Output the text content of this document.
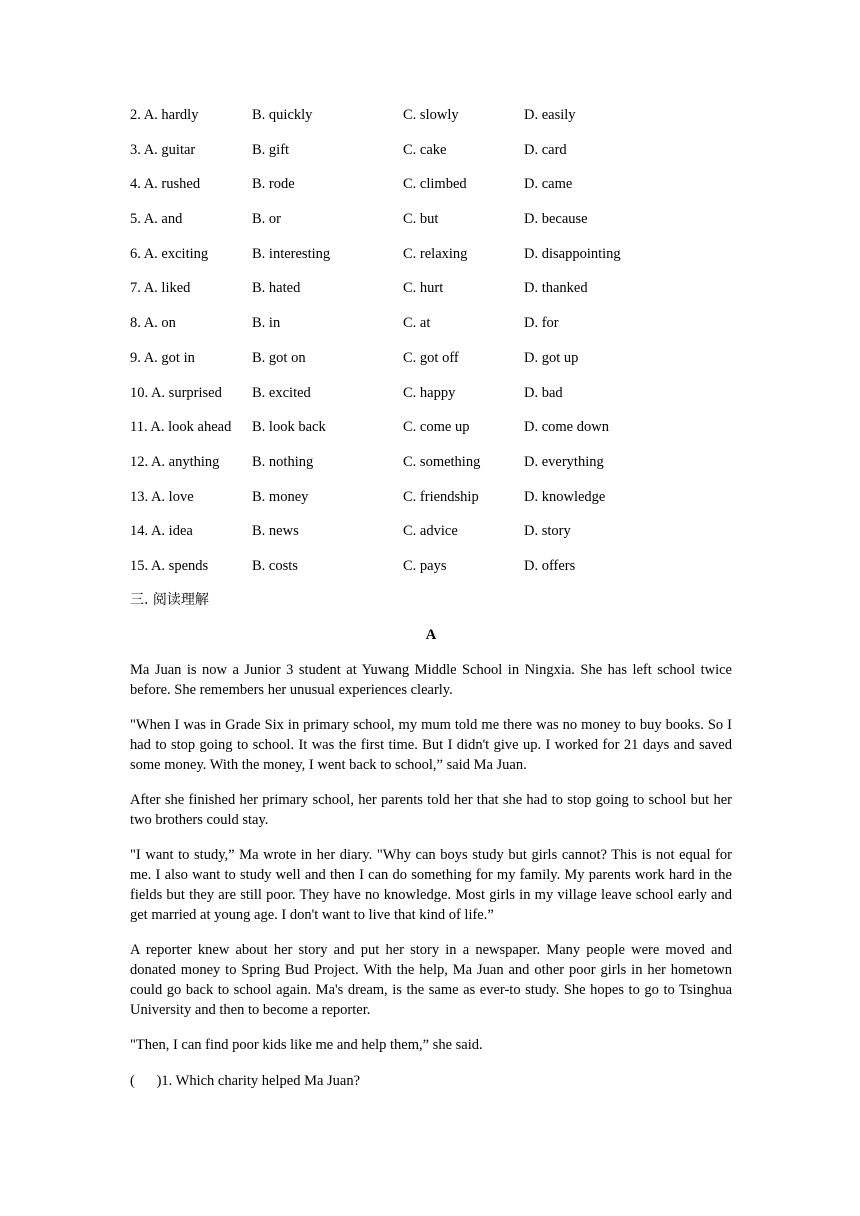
2. A. hardly	B. quickly	C. slowly	D. easily
3. A. guitar	B. gift	C. cake	D. card
4. A. rushed	B. rode	C. climbed	D. came
5. A. and	B. or	C. but	D. because
6. A. exciting	B. interesting	C. relaxing	D. disappointing
7. A. liked	B. hated	C. hurt	D. thanked
8. A. on	B. in	C. at	D. for
9. A. got in	B. got on	C. got off	D. got up
10. A. surprised B. excited	C. happy	D. bad
11. A. look ahead B. look back	C. come up	D. come down
12. A. anything B. nothing	C. something	D. everything
13. A. love	B. money	C. friendship	D. knowledge
14. A. idea	B. news	C. advice	D. story
15. A. spends	B. costs	C. pays	D. offers
三. 阅读理解
A

Ma Juan is now a Junior 3 student at Yuwang Middle School in Ningxia. She has left school twice before. She remembers her unusual experiences clearly.

"When I was in Grade Six in primary school, my mum told me there was no money to buy books. So I had to stop going to school. It was the first time. But I didn't give up. I worked for 21 days and saved some money. With the money, I went back to school,” said Ma Juan.

After she finished her primary school, her parents told her that she had to stop going to school but her two brothers could stay.

"I want to study,” Ma wrote in her diary. "Why can boys study but girls cannot? This is not equal for me. I also want to study well and then I can do something for my family. My parents work hard in the fields but they are still poor. They have no knowledge. Most girls in my village leave school early and get married at young age. I don't want to live that kind of life.”

A reporter knew about her story and put her story in a newspaper. Many people were moved and donated money to Spring Bud Project. With the help, Ma Juan and other poor girls in her hometown could go back to school again. Ma's dream, is the same as ever-to study. She hopes to go to Tsinghua University and then to become a reporter.

"Then, I can find poor kids like me and help them,” she said.

(      )1. Which charity helped Ma Juan?
